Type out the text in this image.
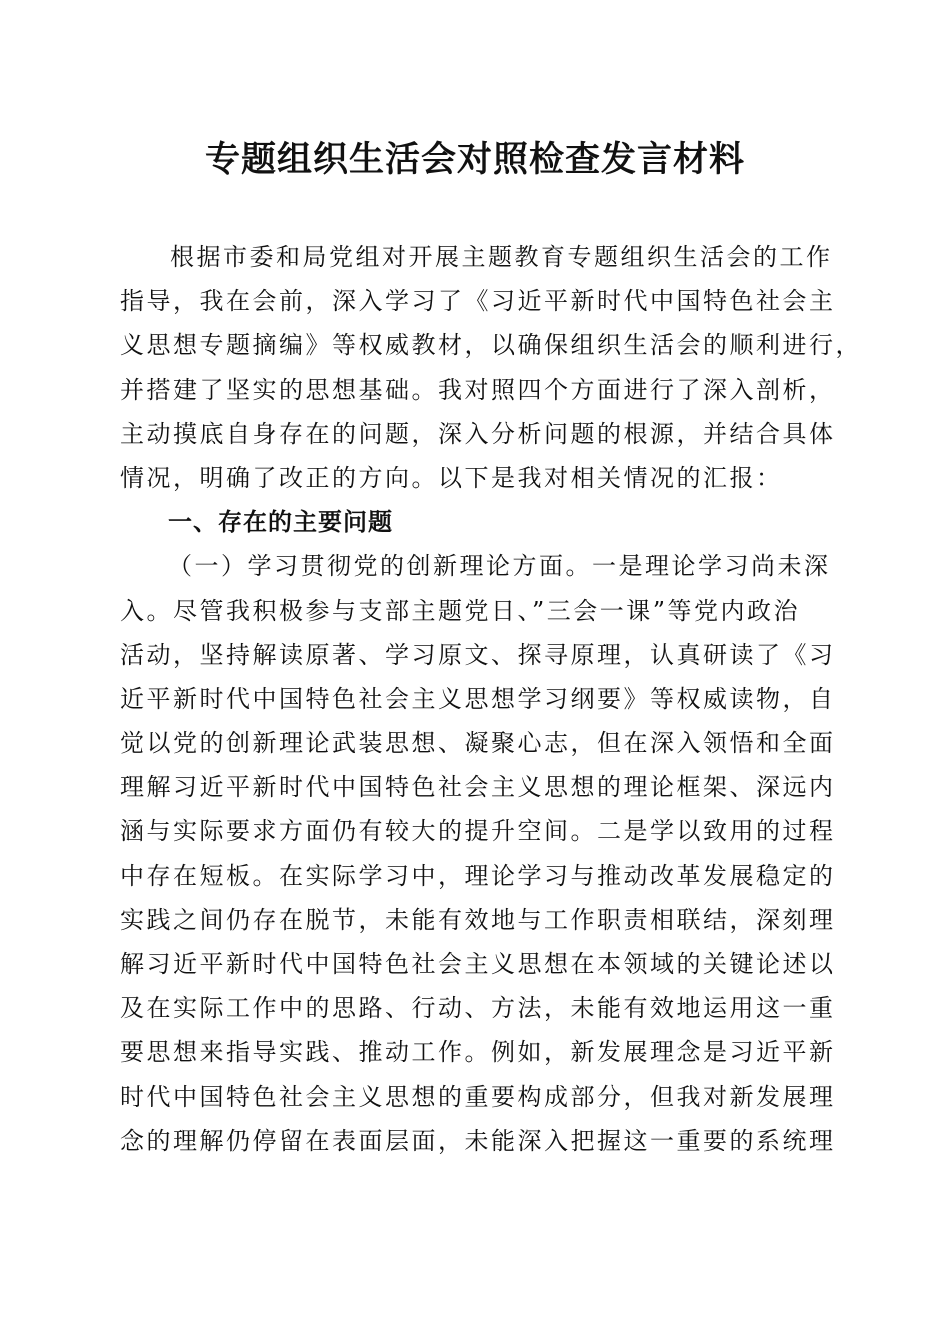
专题组织生活会对照检查发言材料
根据市委和局党组对开展主题教育专题组织生活会的工作
指导，我在会前，深入学习了《习近平新时代中国特色社会主
义思想专题摘编》等权威教材，以确保组织生活会的顺利进行，
并搭建了坚实的思想基础。我对照四个方面进行了深入剖析，
主动摸底自身存在的问题，深入分析问题的根源，并结合具体
情况，明确了改正的方向。以下是我对相关情况的汇报：
一、存在的主要问题
（一）学习贯彻党的创新理论方面。一是理论学习尚未深
入。尽管我积极参与支部主题党日、”三会一课”等党内政治
活动，坚持解读原著、学习原文、探寻原理，认真研读了《习
近平新时代中国特色社会主义思想学习纲要》等权威读物，自
觉以党的创新理论武装思想、凝聚心志，但在深入领悟和全面
理解习近平新时代中国特色社会主义思想的理论框架、深远内
涵与实际要求方面仍有较大的提升空间。二是学以致用的过程
中存在短板。在实际学习中，理论学习与推动改革发展稳定的
实践之间仍存在脱节，未能有效地与工作职责相联结，深刻理
解习近平新时代中国特色社会主义思想在本领域的关键论述以
及在实际工作中的思路、行动、方法，未能有效地运用这一重
要思想来指导实践、推动工作。例如，新发展理念是习近平新
时代中国特色社会主义思想的重要构成部分，但我对新发展理
念的理解仍停留在表面层面，未能深入把握这一重要的系统理
